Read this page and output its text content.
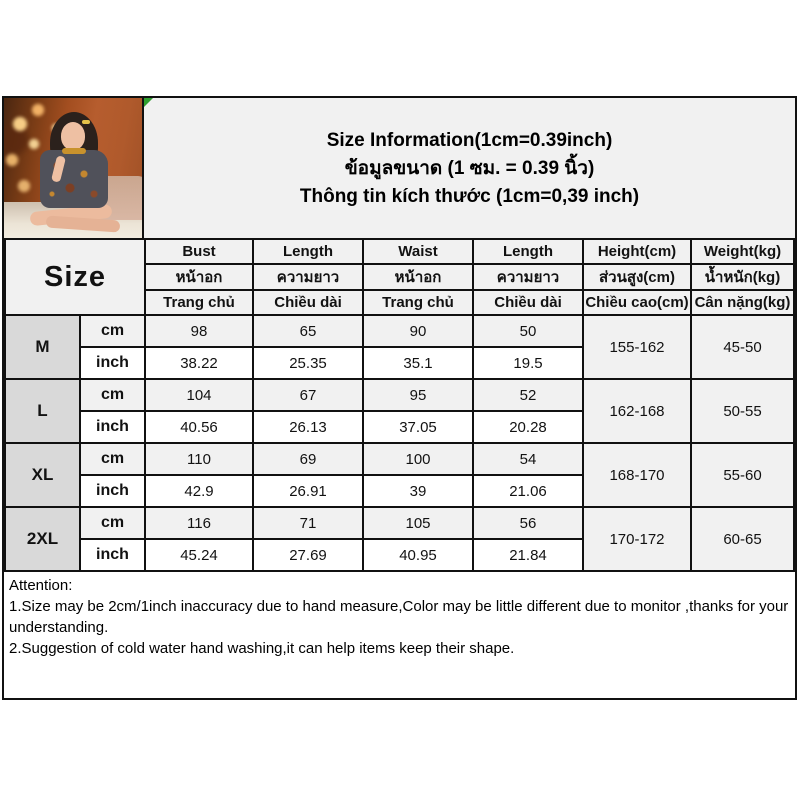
Size Information(1cm=0.39inch)
ข้อมูลขนาด (1 ซม. = 0.39 นิ้ว)
Thông tin kích thước (1cm=0,39 inch)
Size		Bust	Length	Waist	Length	Height(cm)	Weight(kg)
		หน้าอก	ความยาว	หน้าอก	ความยาว	ส่วนสูง(cm)	น้ำหนัก(kg)
		Trang chủ	Chiều dài	Trang chủ	Chiều dài	Chiều cao(cm)	Cân nặng(kg)
M	cm	98	65	90	50	155-162	45-50
	inch	38.22	25.35	35.1	19.5		
L	cm	104	67	95	52	162-168	50-55
	inch	40.56	26.13	37.05	20.28		
XL	cm	110	69	100	54	168-170	55-60
	inch	42.9	26.91	39	21.06		
2XL	cm	116	71	105	56	170-172	60-65
	inch	45.24	27.69	40.95	21.84		
Attention:
1.Size may be 2cm/1inch inaccuracy due to hand measure,Color may be little different due to monitor ,thanks for your understanding.
2.Suggestion of cold water hand washing,it can help items keep their shape.
